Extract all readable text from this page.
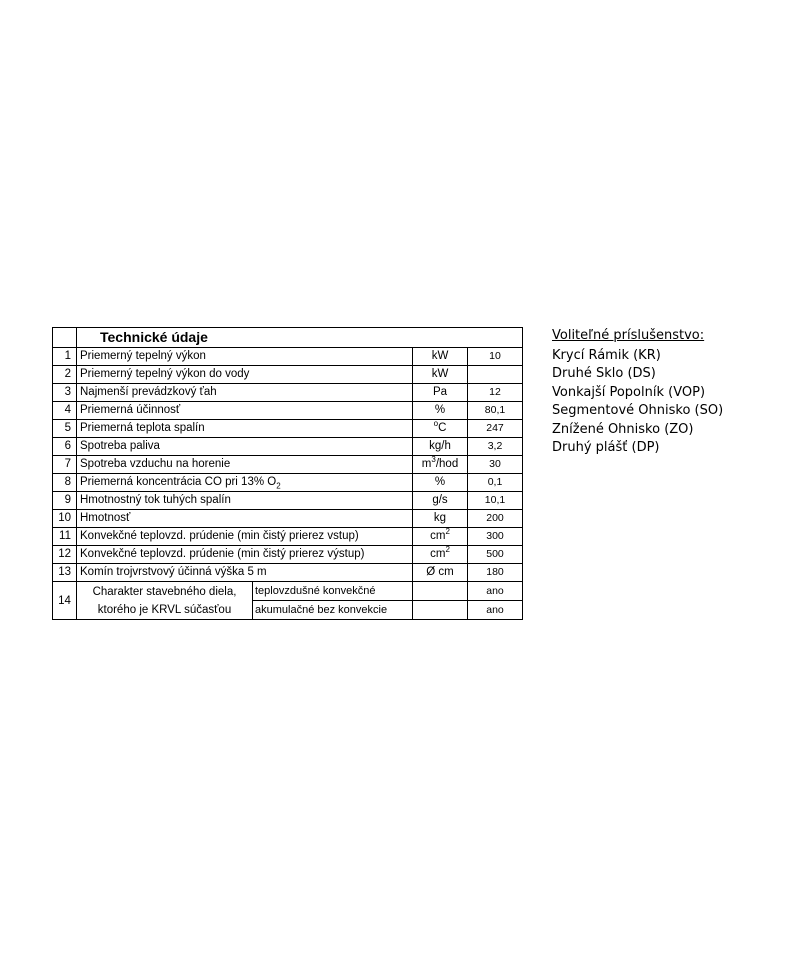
	Technické údaje			
1	Priemerný tepelný výkon		kW	10
2	Priemerný tepelný výkon do vody		kW	
3	Najmenší prevádzkový ťah		Pa	12
4	Priemerná účinnosť		%	80,1
5	Priemerná teplota spalín		$^o$C	247
6	Spotreba paliva		kg/h	3,2
7	Spotreba vzduchu na horenie		$m^3$/hod	30
8	Priemerná koncentrácia CO pri 13% $O_2$		%	0,1
9	Hmotnostný tok tuhých spalín		g/s	10,1
10	Hmotnosť		kg	200
11	Konvekčné teplovzd. prúdenie (min čistý prierez vstup)		$cm^2$	300
12	Konvekčné teplovzd. prúdenie (min čistý prierez výstup)		$cm^2$	500
13	Komín trojvrstvový účinná výška 5 m		Ø cm	180
14	Charakter stavebného diela,
ktorého je KRVL súčasťou	teplovzdušné konvekčné		ano
		akumulačné bez konvekcie		ano
Voliteľné príslušenstvo:
Krycí Rámik (KR)
Druhé Sklo (DS)
Vonkajší Popolník (VOP)
Segmentové Ohnisko (SO)
Znížené Ohnisko (ZO)
Druhý plášť (DP)
